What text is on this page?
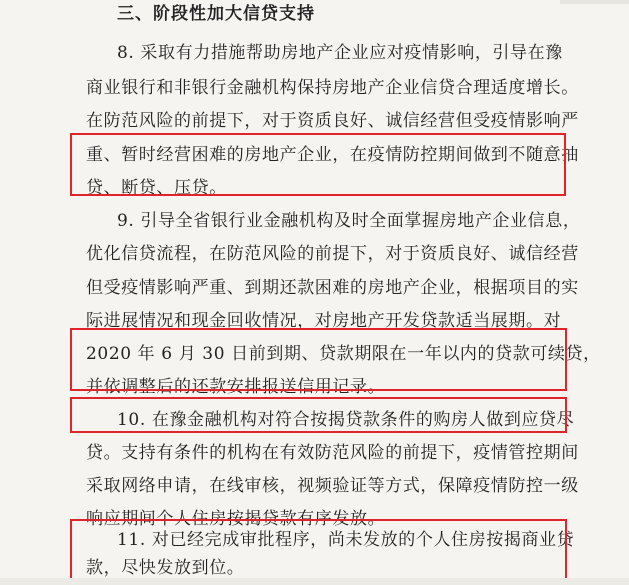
三、阶段性加大信贷支持
8. 采取有力措施帮助房地产企业应对疫情影响，引导在豫
商业银行和非银行金融机构保持房地产企业信贷合理适度增长。
在防范风险的前提下，对于资质良好、诚信经营但受疫情影响严
重、暂时经营困难的房地产企业，在疫情防控期间做到不随意抽
贷、断贷、压贷。
9. 引导全省银行业金融机构及时全面掌握房地产企业信息，
优化信贷流程，在防范风险的前提下，对于资质良好、诚信经营
但受疫情影响严重、到期还款困难的房地产企业，根据项目的实
际进展情况和现金回收情况，对房地产开发贷款适当展期。对
2020 年 6 月 30 日前到期、贷款期限在一年以内的贷款可续贷，
并依调整后的还款安排报送信用记录。
10. 在豫金融机构对符合按揭贷款条件的购房人做到应贷尽
贷。支持有条件的机构在有效防范风险的前提下，疫情管控期间
采取网络申请，在线审核，视频验证等方式，保障疫情防控一级
响应期间个人住房按揭贷款有序发放。
11. 对已经完成审批程序，尚未发放的个人住房按揭商业贷
款，尽快发放到位。
